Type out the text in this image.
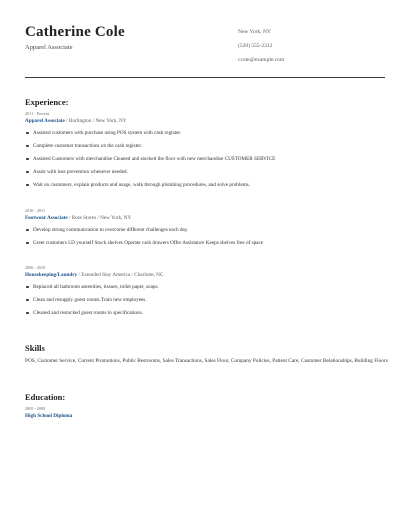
Catherine Cole
Apparel Associate
New York, NY
(520) 555-2312
ccole@example.com
Experience:
2011 - Present
Apparel Associate / Burlington / New York, NY
Assisted customers with purchase using POS system with cash register.
Complete customer transactions on the cash register.
Assisted Customers with merchandise Cleaned and stocked the floor with new merchandise CUSTOMER SERVICE
Assist with loss prevention whenever needed.
Wait on customers, explain products and usage, walk through plumbing procedures, and solve problems.
2010 - 2011
Footwear Associate / Ross Stores / New York, NY
Develop strong communication to overcome different challenges each day.
Greet customers I.D yourself Stock shelves Operate cash drawers Offer Assistance Keeps shelves free of space
2006 - 2010
Housekeeping/Laundry / Extended Stay America / Charlotte, NC
Replaced all bathroom amenities, tissues, toilet paper, soaps.
Clean and resupply guest rooms.Train new employees.
Cleaned and restocked guest rooms to specifications.
Skills
POS, Customer Service, Current Promotions, Public Restrooms, Sales Transactions, Sales Floor, Company Policies, Patient Care, Customer Relationships, Building Floors
Education:
2005 - 2009
High School Diploma
